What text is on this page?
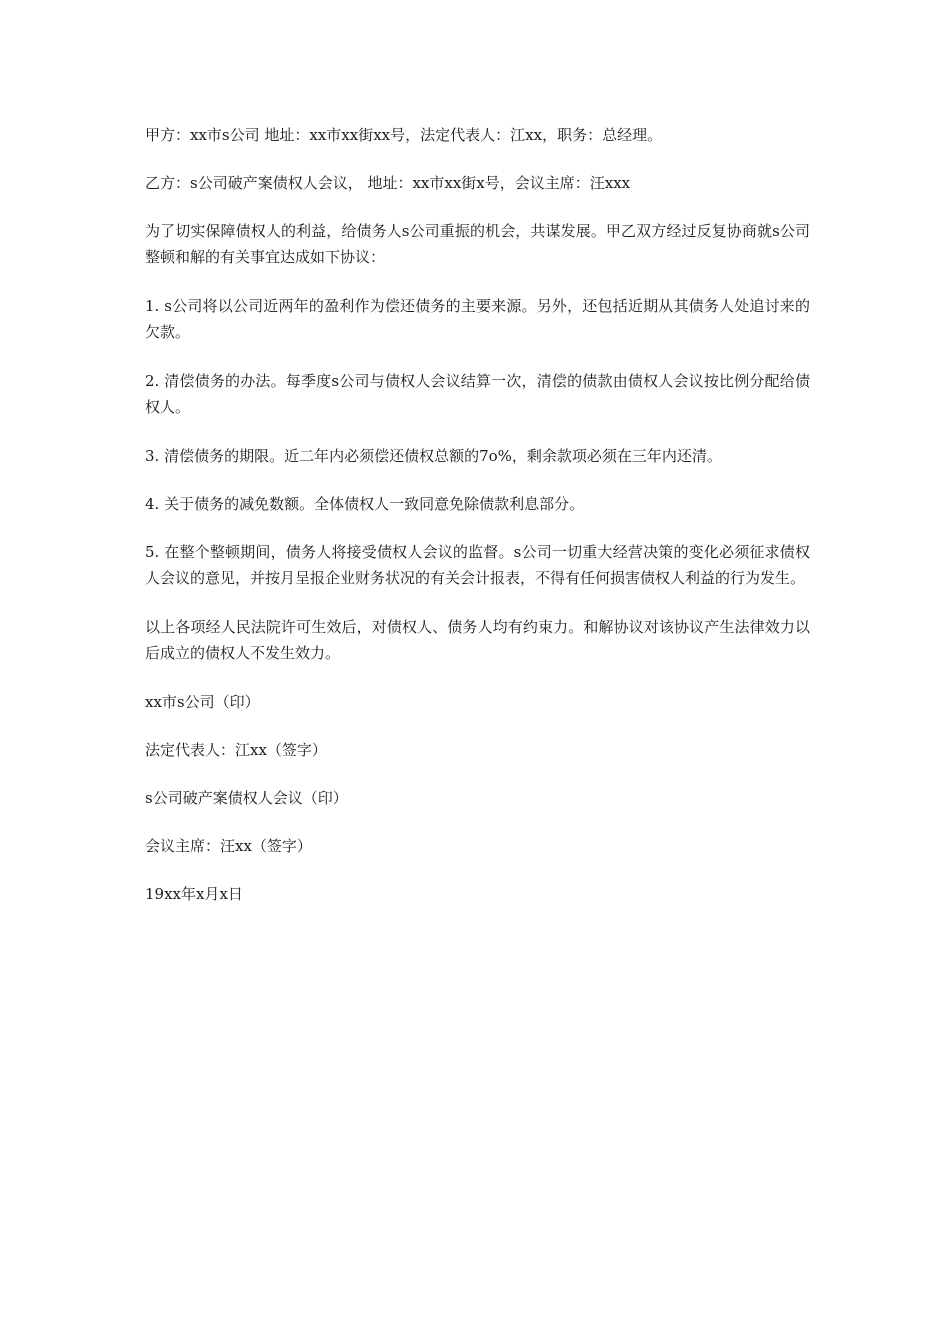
甲方：xx市s公司 地址：xx市xx街xx号，法定代表人：江xx，职务：总经理。

乙方：s公司破产案债权人会议， 地址：xx市xx街x号，会议主席：汪xxx

为了切实保障债权人的利益，给债务人s公司重振的机会，共谋发展。甲乙双方经过反复协商就s公司整顿和解的有关事宜达成如下协议：

1. s公司将以公司近两年的盈利作为偿还债务的主要来源。另外，还包括近期从其债务人处追讨来的欠款。

2. 清偿债务的办法。每季度s公司与债权人会议结算一次，清偿的债款由债权人会议按比例分配给债权人。

3. 清偿债务的期限。近二年内必须偿还债权总额的7o%，剩余款项必须在三年内还清。

4. 关于债务的减免数额。全体债权人一致同意免除债款利息部分。

5. 在整个整顿期间，债务人将接受债权人会议的监督。s公司一切重大经营决策的变化必须征求债权人会议的意见，并按月呈报企业财务状况的有关会计报表，不得有任何损害债权人利益的行为发生。

以上各项经人民法院许可生效后，对债权人、债务人均有约束力。和解协议对该协议产生法律效力以后成立的债权人不发生效力。

xx市s公司（印）

法定代表人：江xx（签字）

s公司破产案债权人会议（印）

会议主席：汪xx（签字）

19xx年x月x日
